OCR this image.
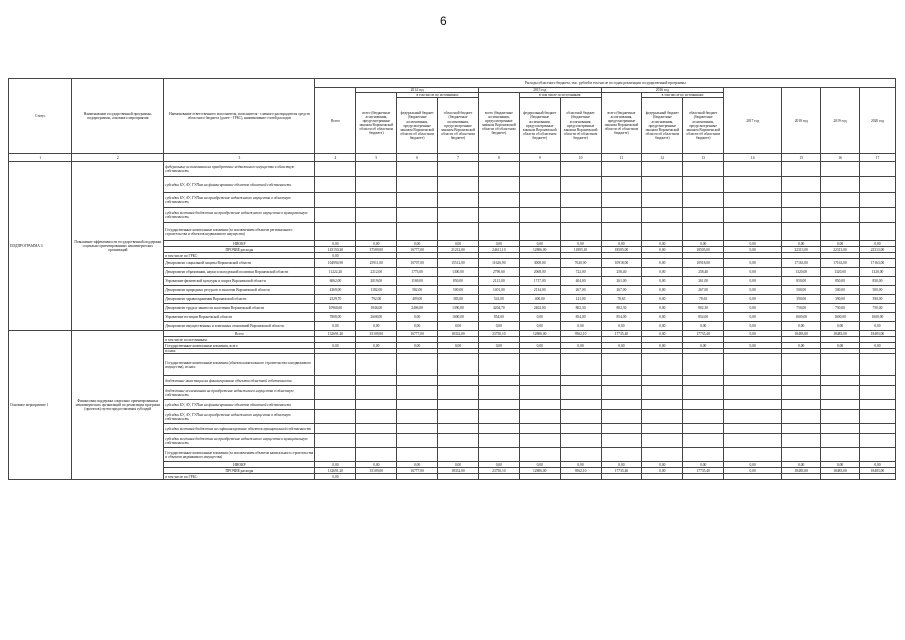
6
Статус	Наименование государственной программы, подпрограммы, основного мероприятия	Наименование ответственного исполнителя, исполнителя - главного распорядителя средств областного бюджета (далее - ГРБС), наименование статей расходов	Расходы областного бюджета, тыс. рублей в том числе по годам реализации государственной программы													
			Всего	2014 год			2015 год			2016 год			2017 год	2018 год	2019 год	2020 год
				всего (бюджетные ассигнования, предусмотренные законом Воронежской области об областном бюджете)	в том числе по источникам:		всего (бюджетные ассигнования, предусмотренные законом Воронежской области об областном бюджете)	в том числе по источникам:		всего (бюджетные ассигнования, предусмотренные законом Воронежской области об областном бюджете)	в том числе по источникам:					
					федеральный бюджет (бюджетные ассигнования, предусмотренные законом Воронежской области об областном бюджете)	областной бюджет (бюджетные ассигнования, предусмотренные законом Воронежской области об областном бюджете)		федеральный бюджет (бюджетные ассигнования, предусмотренные законом Воронежской области об областном бюджете)	областной бюджет (бюджетные ассигнования, предусмотренные законом Воронежской области об областном бюджете)		федеральный бюджет (бюджетные ассигнования, предусмотренные законом Воронежской области об областном бюджете)	областной бюджет (бюджетные ассигнования, предусмотренные законом Воронежской области об областном бюджете)				
1	2	3	4	5	6	7	8	9	10	11	12	13	14	15	16	17
ПОДПРОГРАММА 3	Повышение эффективности государственной поддержки социально ориентированных некоммерческих организаций	федеральные ассигнования на приобретение недвижимого имущества в областную собственность														
		субсидии БУ, АУ, ГУПам на финансирование объектов областной собственности														
		субсидии БУ, АУ, ГУПам на приобретение недвижимого имущества в областную собственность														
		субсидии местным бюджетам на приобретение недвижимого имущества в муниципальную собственность														
		Государственные капитальные вложения (за исключением объектов регионального строительства и объектов недвижимого имущества)														
		НИОКР	0,00	0,00	0,00	0,00	0,00	0,00	0,00	0,00	0,00	0,00	0,00	0,00	0,00	0,00
		ПРОЧИЕ расходы	145150,20	37509,00	16777,00	21212,00	24611,10	12806,00	11805,10	18505,00	0,00	18505,00	0,00	22313,00	22313,00	22313,00
		в том числе по ГРБС:	0,00													
		Департамент социальной защиты Воронежской области	104994,90	25911,00	10707,00	15512,00	11626,90	3008,00	7620,90	10918,00	0,00	10918,00	0,00	17163,00	17163,00	17163,00
		Департамент образования, науки и молодежной политики Воронежской области	11222,20	2212,00	1773,00	1300,00	2790,60	2068,00	722,00	258,40	0,00	258,40	0,00	1320,00	1320,00	1320,00
		Управление физической культуры и спорта Воронежской области	6062,00	2019,00	1169,00	850,00	2121,00	1717,00	404,00	261,00	0,00	261,00	0,00	850,00	850,00	850,00
		Департамент природных ресурсов и экологии Воронежской области	4369,00	1182,00	582,00	500,00	1401,00	2134,00	267,00	267,00	0,00	267,00	0,00	500,00	500,00	500,00
		Департамент здравоохранения Воронежской области	2529,70	792,00	409,00	383,00	541,00	400,00	141,00	78,65	0,00	78,65	0,00	390,00	390,00	390,00
		Департамент труда и занятости населения Воронежской области	10960,60	1846,00	2406,00	1390,00	4204,70	2402,00	802,30	802,30	0,00	802,30	0,00	750,00	750,00	750,00
		Управление юстиции Воронежской области	7808,00	2608,00	0,00	1600,00	854,00	0,00	854,00	854,00	0,00	854,00	0,00	1600,00	1600,00	1600,00
		Департамент имущественных и земельных отношений Воронежской области	0,00	0,00	0,00	0,00	0,00	0,00	0,00	0,00	0,00	0,00	0,00	0,00	0,00	0,00
Основное мероприятие 1	Финансовая поддержка социально ориентированных некоммерческих организаций по реализации программ (проектов) путем предоставления субсидий	Всего	132691,20	35109,00	16777,00	18332,00	23750,10	12806,00	9562,10	17735,40	0,00	17735,40	0,00	18483,00	18483,00	18483,00
		в том числе по источникам:														
		Государственные капитальные вложения, всего	0,00	0,00	0,00	0,00	0,00	0,00	0,00	0,00	0,00	0,00	0,00	0,00	0,00	0,00
		из них:														
		Государственные капитальные вложения (объекты капитального строительства и недвижимого имущества), из них:														
		бюджетные инвестиции на финансирование объектов областной собственности														
		бюджетные ассигнования на приобретение недвижимого имущества в областную собственность														
		субсидии БУ, АУ, ГУПам на финансирование объектов областной собственности														
		субсидии БУ, АУ, ГУПам на приобретение недвижимого имущества в областную собственность														
		субсидии местным бюджетам на софинансирование объектов муниципальной собственности														
		субсидии местным бюджетам на приобретение недвижимого имущества в муниципальную собственность														
		Государственные капитальные вложения (за исключением объектов капитального строительства и объектов недвижимого имущества)														
		НИОКР	0,00	0,00	0,00	0,00	0,00	0,00	0,00	0,00	0,00	0,00	0,00	0,00	0,00	0,00
		ПРОЧИЕ расходы	132691,20	35109,00	16777,00	18332,00	23750,10	12806,00	9562,10	17735,40	0,00	17735,40	0,00	18483,00	18483,00	18483,00
		в том числе по ГРБС:	0,00													
